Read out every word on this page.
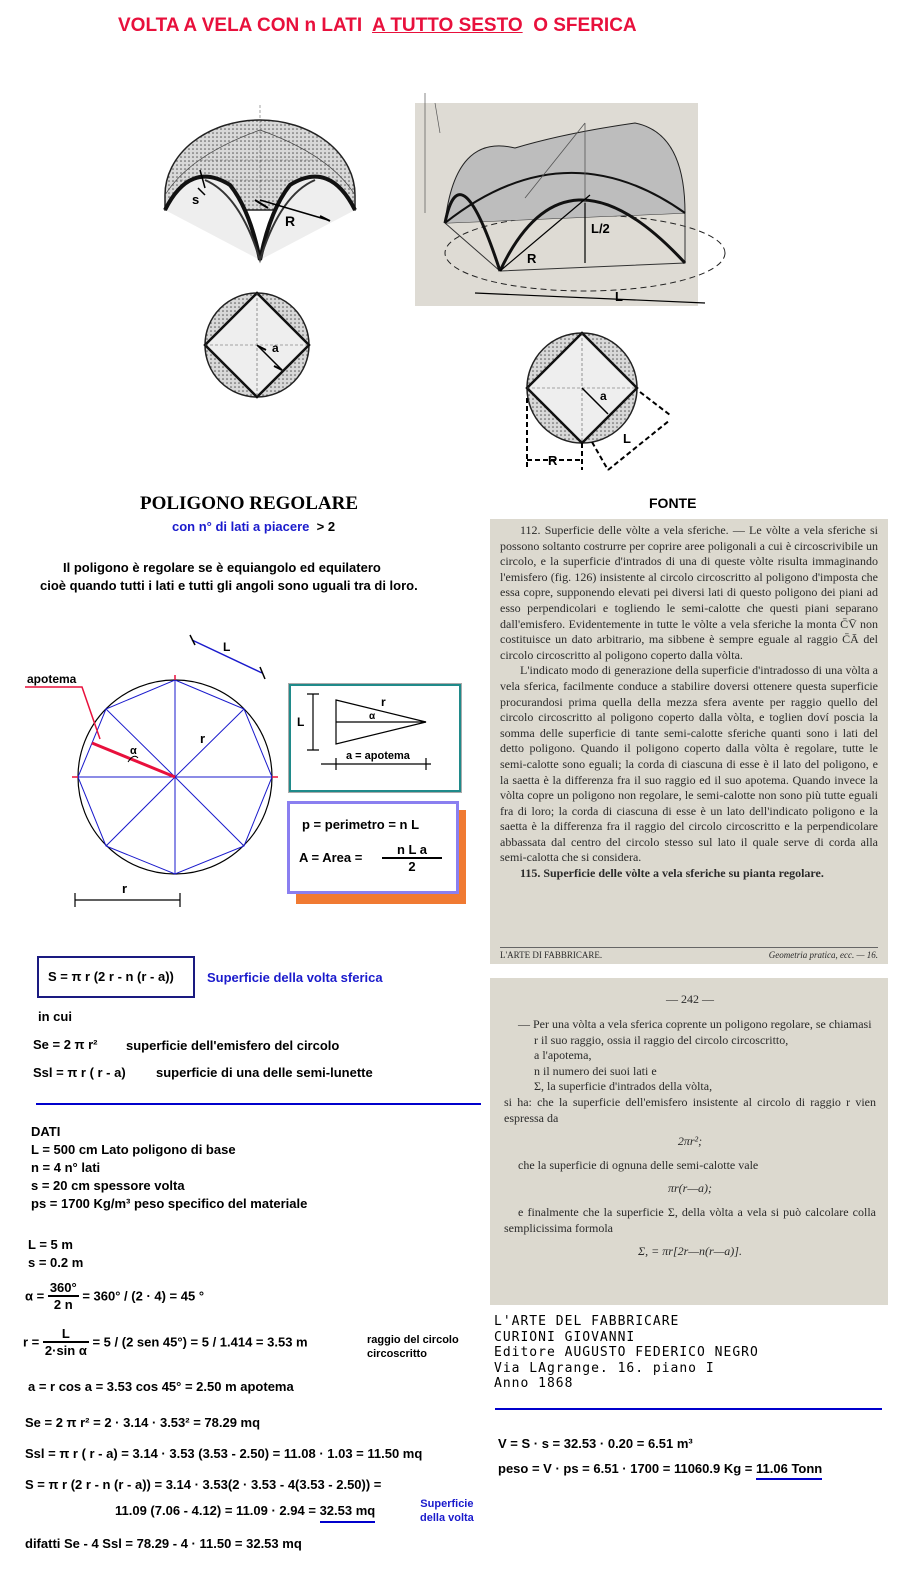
VOLTA A VELA CON n LATI A TUTTO SESTO O SFERICA
s
R
a
L/2
R
L
a
R
L
POLIGONO REGOLARE
con n° di lati a piacere > 2
Il poligono è regolare se è equiangolo ed equilatero
cioè quando tutti i lati e tutti gli angoli sono uguali tra di loro.
apotema
α
r
L
r
r
α
L
a = apotema
p = perimetro = n L
A = Area = $\frac{\text{n L a}}{2}$
FONTE

112. Superficie delle vòlte a vela sferiche. — Le vòlte a vela sferiche si possono soltanto costrurre per coprire aree poligonali a cui è circoscrivibile un circolo, e la superficie d'intrados di una di queste vòlte risulta immaginando l'emisfero (fig. 126) insistente al circolo circoscritto al poligono d'imposta che essa copre, supponendo elevati pei diversi lati di questo poligono dei piani ad esso perpendicolari e togliendo le semi-calotte che questi piani separano dall'emisfero. Evidentemente in tutte le vòlte a vela sferiche la monta C̄V̄ non costituisce un dato arbitrario, ma sibbene è sempre eguale al raggio C̄Ā del circolo circoscritto al poligono coperto dalla vòlta.

L'indicato modo di generazione della superficie d'intradosso di una vòlta a vela sferica, facilmente conduce a stabilire doversi ottenere questa superficie procurandosi prima quella della mezza sfera avente per raggio quello del circolo circoscritto al poligono coperto dalla vòlta, e toglien doví poscia la somma delle superficie di tante semi-calotte sferiche quanti sono i lati del detto poligono. Quando il poligono coperto dalla vòlta è regolare, tutte le semi-calotte sono eguali; la corda di ciascuna di esse è il lato del poligono, e la saetta è la differenza fra il suo raggio ed il suo apotema. Quando invece la vòlta copre un poligono non regolare, le semi-calotte non sono più tutte eguali fra di loro; la corda di ciascuna di esse è un lato dell'indicato poligono e la saetta è la differenza fra il raggio del circolo circoscritto e la perpendicolare abbassata dal centro del circolo stesso sul lato il quale serve di corda alla semi-calotta che si considera.

115. Superficie delle vòlte a vela sferiche su pianta regolare.

L'ARTE DI FABBRICARE.	Geometria pratica, ecc. — 16.
— 242 —

— Per una vòlta a vela sferica coprente un poligono regolare, se chiamasi

r il suo raggio, ossia il raggio del circolo circoscritto,

a l'apotema,

n il numero dei suoi lati e

Σ, la superficie d'intrados della vòlta,

si ha: che la superficie dell'emisfero insistente al circolo di raggio r vien espressa da

2πr²;

che la superficie di ognuna delle semi-calotte vale

πr(r—a);

e finalmente che la superficie Σ, della vòlta a vela si può calcolare colla semplicissima formola

Σ, = πr[2r—n(r—a)].

L'ARTE DEL FABBRICARE
CURIONI GIOVANNI
Editore AUGUSTO FEDERICO NEGRO
Via LAgrange. 16. piano I
Anno 1868
V = S · s = 32.53 · 0.20 = 6.51 m³
peso = V · ps = 6.51 · 1700 = 11060.9 Kg = 11.06 Tonn
S = π r (2 r - n (r - a))	Superficie della volta sferica
in cui
Se = 2 π r² superficie dell'emisfero del circolo
Ssl = π r ( r - a) superficie di una delle semi-lunette
DATI
L = 500 cm Lato poligono di base
n = 4 n° lati
s = 20 cm spessore volta
ps = 1700 Kg/m³ peso specifico del materiale
L = 5 m
s = 0.2 m
$\alpha = \frac{360^\circ}{2 n} = 360^\circ / (2 \cdot 4) = 45$ °
$r = \frac{L}{\text{2·sin α}} = 5 / (2$ sen 45°) = 5 / 1.414 = 3.53 m	raggio del circolo
circoscritto
a = r cos a = 3.53 cos 45° = 2.50 m apotema
Se = 2 π r² = 2 · 3.14 · 3.53² = 78.29 mq
Ssl = π r ( r - a) = 3.14 · 3.53 (3.53 - 2.50) = 11.08 · 1.03 = 11.50 mq
S = π r (2 r - n (r - a)) = 3.14 · 3.53(2 · 3.53 - 4(3.53 - 2.50)) =
11.09 (7.06 - 4.12) = 11.09 · 2.94 = 32.53 mq	Superficie
della volta
difatti Se - 4 Ssl = 78.29 - 4 · 11.50 = 32.53 mq
